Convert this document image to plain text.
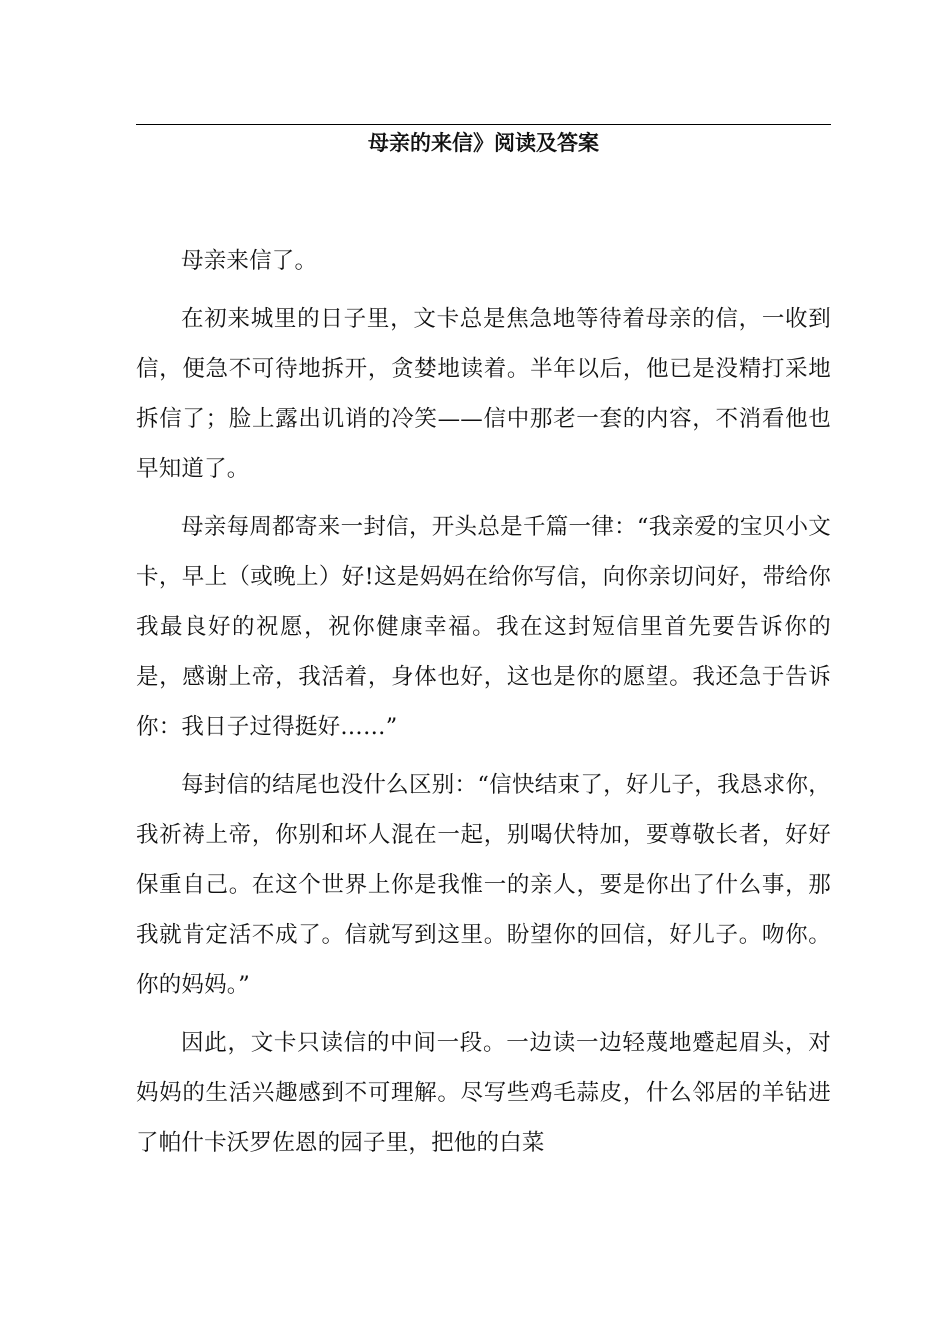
母亲的来信》阅读及答案

母亲来信了。

在初来城里的日子里，文卡总是焦急地等待着母亲的信，一收到信，便急不可待地拆开，贪婪地读着。半年以后，他已是没精打采地拆信了；脸上露出讥诮的冷笑——信中那老一套的内容，不消看他也早知道了。

母亲每周都寄来一封信，开头总是千篇一律：“我亲爱的宝贝小文卡，早上（或晚上）好!这是妈妈在给你写信，向你亲切问好，带给你我最良好的祝愿，祝你健康幸福。我在这封短信里首先要告诉你的是，感谢上帝，我活着，身体也好，这也是你的愿望。我还急于告诉你：我日子过得挺好……”

每封信的结尾也没什么区别：“信快结束了，好儿子，我恳求你，我祈祷上帝，你别和坏人混在一起，别喝伏特加，要尊敬长者，好好保重自己。在这个世界上你是我惟一的亲人，要是你出了什么事，那我就肯定活不成了。信就写到这里。盼望你的回信，好儿子。吻你。你的妈妈。”

因此，文卡只读信的中间一段。一边读一边轻蔑地蹙起眉头，对妈妈的生活兴趣感到不可理解。尽写些鸡毛蒜皮，什么邻居的羊钻进了帕什卡沃罗佐恩的园子里，把他的白菜
